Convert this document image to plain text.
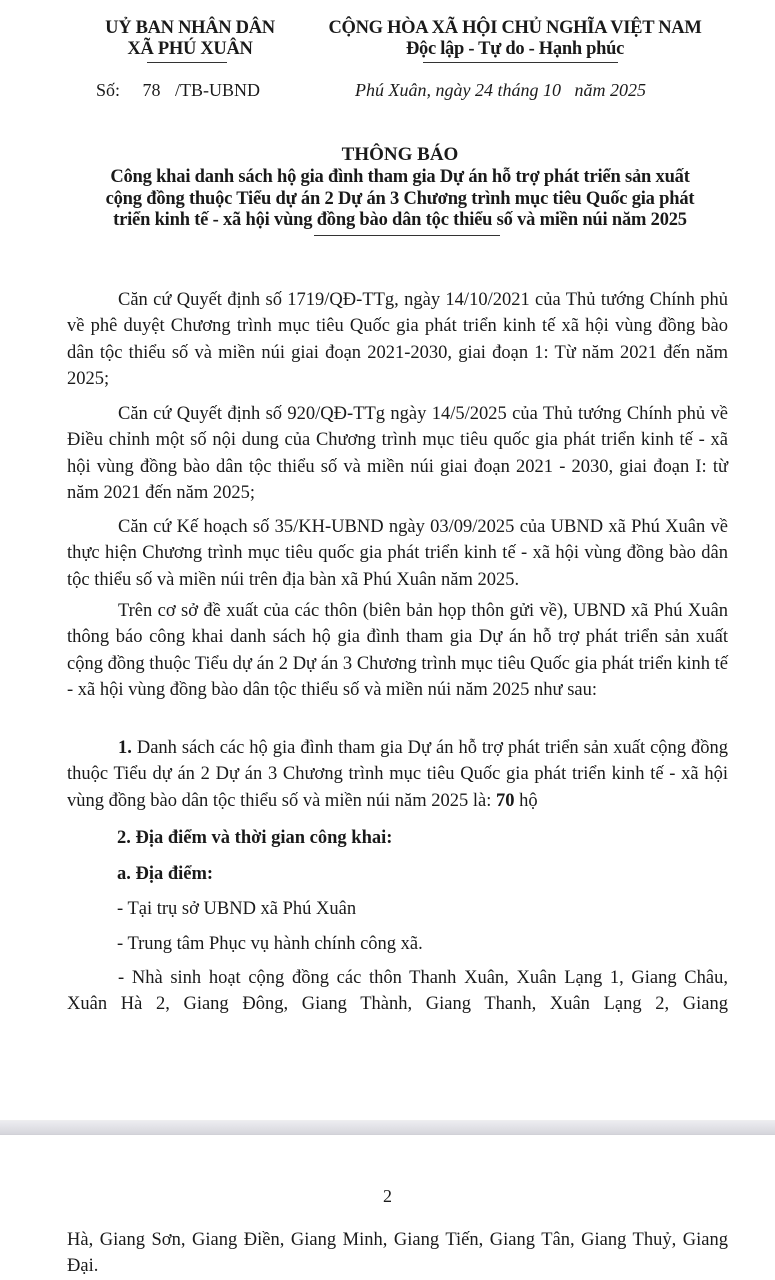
UỶ BAN NHÂN DÂN
XÃ PHÚ XUÂN
CỘNG HÒA XÃ HỘI CHỦ NGHĨA VIỆT NAM
Độc lập - Tự do - Hạnh phúc
Số: 78 /TB-UBND	Phú Xuân, ngày 24 tháng 10 năm 2025
THÔNG BÁO
Công khai danh sách hộ gia đình tham gia Dự án hỗ trợ phát triển sản xuất
cộng đồng thuộc Tiểu dự án 2 Dự án 3 Chương trình mục tiêu Quốc gia phát
triển kinh tế - xã hội vùng đồng bào dân tộc thiểu số và miền núi năm 2025

Căn cứ Quyết định số 1719/QĐ-TTg, ngày 14/10/2021 của Thủ tướng Chính phủ về phê duyệt Chương trình mục tiêu Quốc gia phát triển kinh tế xã hội vùng đồng bào dân tộc thiểu số và miền núi giai đoạn 2021-2030, giai đoạn 1: Từ năm 2021 đến năm 2025;

Căn cứ Quyết định số 920/QĐ-TTg ngày 14/5/2025 của Thủ tướng Chính phủ về Điều chỉnh một số nội dung của Chương trình mục tiêu quốc gia phát triển kinh tế - xã hội vùng đồng bào dân tộc thiểu số và miền núi giai đoạn 2021 - 2030, giai đoạn I: từ năm 2021 đến năm 2025;

Căn cứ Kế hoạch số 35/KH-UBND ngày 03/09/2025 của UBND xã Phú Xuân về thực hiện Chương trình mục tiêu quốc gia phát triển kinh tế - xã hội vùng đồng bào dân tộc thiểu số và miền núi trên địa bàn xã Phú Xuân năm 2025.

Trên cơ sở đề xuất của các thôn (biên bản họp thôn gửi về), UBND xã Phú Xuân thông báo công khai danh sách hộ gia đình tham gia Dự án hỗ trợ phát triển sản xuất cộng đồng thuộc Tiểu dự án 2 Dự án 3 Chương trình mục tiêu Quốc gia phát triển kinh tế - xã hội vùng đồng bào dân tộc thiểu số và miền núi năm 2025 như sau:

1. Danh sách các hộ gia đình tham gia Dự án hỗ trợ phát triển sản xuất cộng đồng thuộc Tiểu dự án 2 Dự án 3 Chương trình mục tiêu Quốc gia phát triển kinh tế - xã hội vùng đồng bào dân tộc thiểu số và miền núi năm 2025 là: 70 hộ

2. Địa điểm và thời gian công khai:
a. Địa điểm:
- Tại trụ sở UBND xã Phú Xuân
- Trung tâm Phục vụ hành chính công xã.

- Nhà sinh hoạt cộng đồng các thôn Thanh Xuân, Xuân Lạng 1, Giang Châu, Xuân Hà 2, Giang Đông, Giang Thành, Giang Thanh, Xuân Lạng 2, Giang

2

Hà, Giang Sơn, Giang Điền, Giang Minh, Giang Tiến, Giang Tân, Giang Thuỷ, Giang Đại.
